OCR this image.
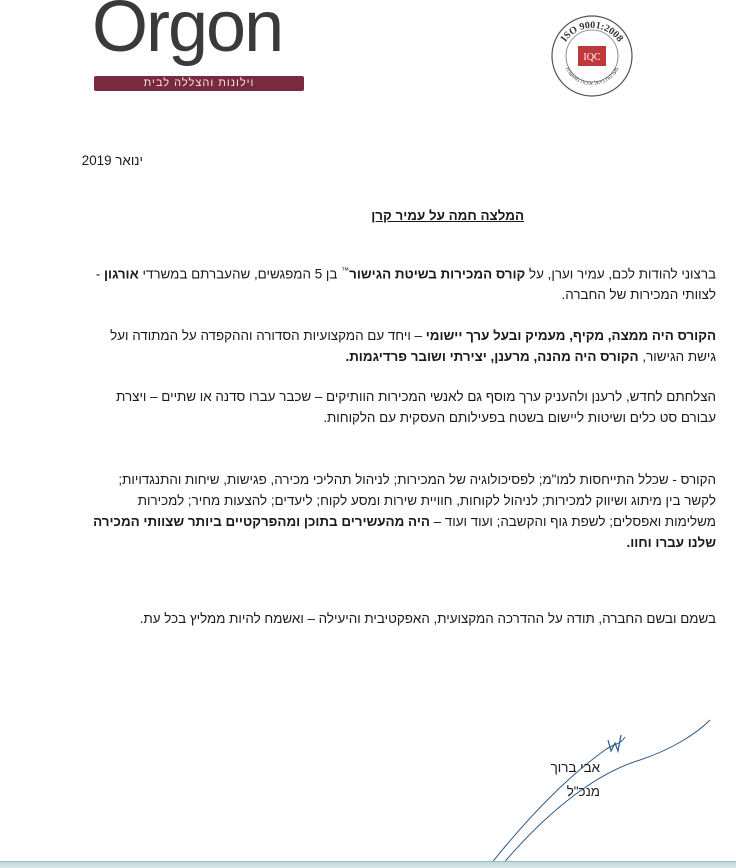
Orgon
וילונות והצללה לבית
ISO 9001:2008
מערכות ניהול איכות מאושרת
IQC
ינואר 2019
המלצה חמה על עמיר קרן
ברצוני להודות לכם, עמיר וערן, על קורס המכירות בשיטת הגישור™ בן 5 המפגשים, שהעברתם במשרדי אורגון - לצוותי המכירות של החברה.
הקורס היה ממצה, מקיף, מעמיק ובעל ערך יישומי – ויחד עם המקצועיות הסדורה וההקפדה על המתודה ועל גישת הגישור, הקורס היה מהנה, מרענן, יצירתי ושובר פרדיגמות.
הצלחתם לחדש, לרענן ולהעניק ערך מוסף גם לאנשי המכירות הוותיקים – שכבר עברו סדנה או שתיים – ויצרת עבורם סט כלים ושיטות ליישום בשטח בפעילותם העסקית עם הלקוחות.
הקורס - שכלל התייחסות למו"מ; לפסיכולוגיה של המכירות; לניהול תהליכי מכירה, פגישות, שיחות והתנגדויות; לקשר בין מיתוג ושיווק למכירות; לניהול לקוחות, חוויית שירות ומסע לקוח; ליעדים; להצעות מחיר; למכירות משלימות ואפסלים; לשפת גוף והקשבה; ועוד ועוד – היה מהעשירים בתוכן ומהפרקטיים ביותר שצוותי המכירה שלנו עברו וחוו.
בשמם ובשם החברה, תודה על ההדרכה המקצועית, האפקטיבית והיעילה – ואשמח להיות ממליץ בכל עת.
אבי ברוך
מנכ"ל
